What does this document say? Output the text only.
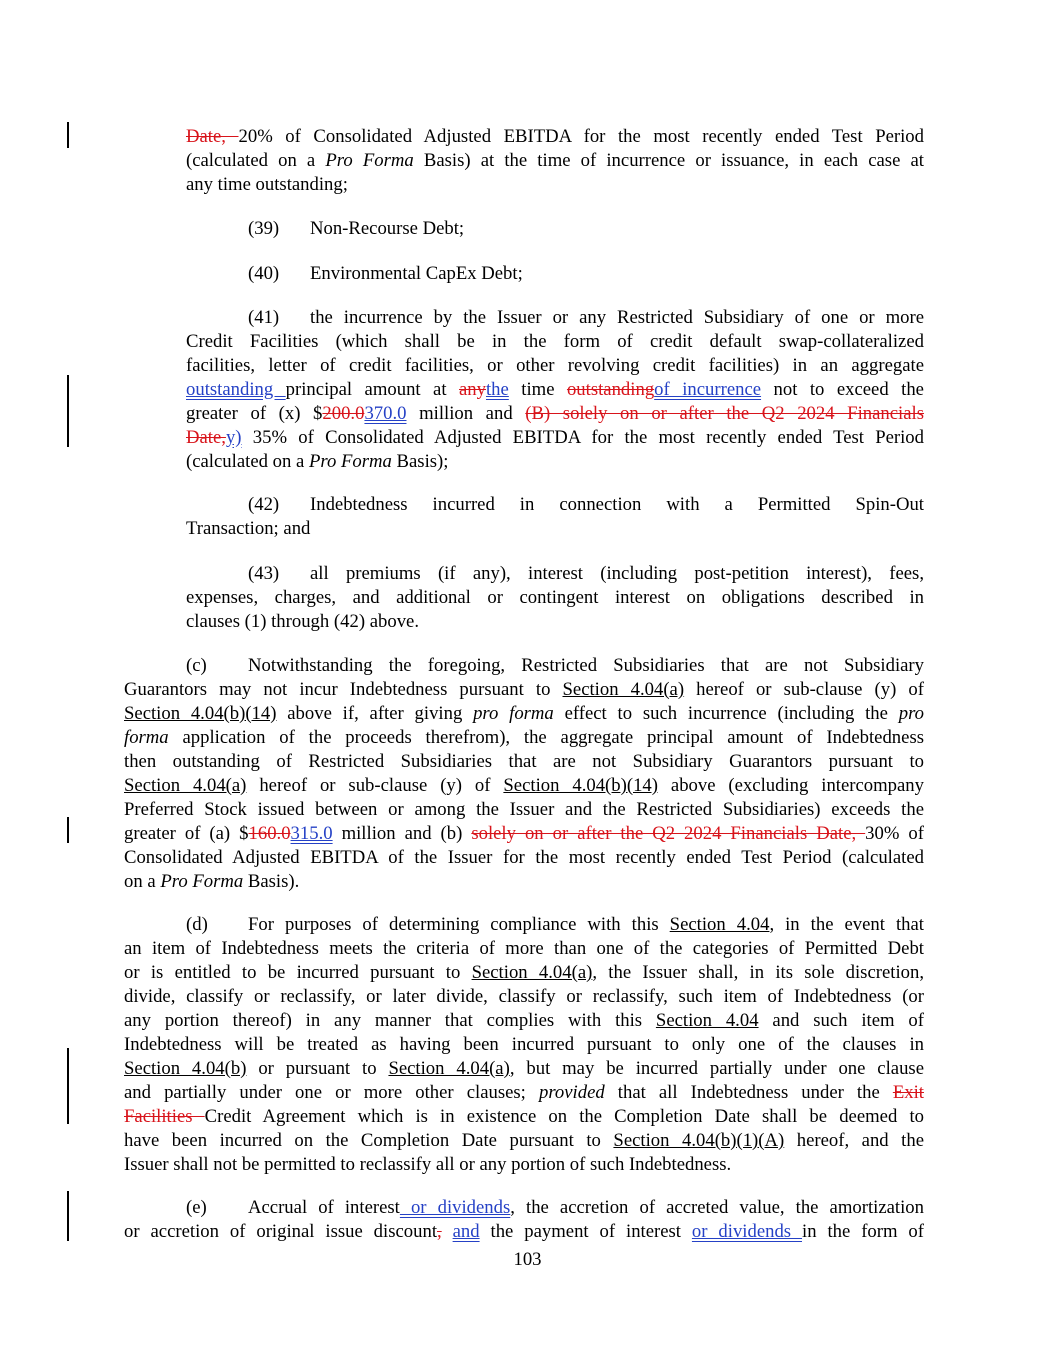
Date, 20% of Consolidated Adjusted EBITDA for the most recently ended Test Period
(calculated on a Pro Forma Basis) at the time of incurrence or issuance, in each case at
any time outstanding;
(39) Non-Recourse Debt;
(40) Environmental CapEx Debt;
(41) the incurrence by the Issuer or any Restricted Subsidiary of one or more
Credit Facilities (which shall be in the form of credit default swap-collateralized
facilities, letter of credit facilities, or other revolving credit facilities) in an aggregate
outstanding principal amount at anythe time outstandingof incurrence not to exceed the
greater of (x) $200.0370.0 million and (B) solely on or after the Q2 2024 Financials
Date,y) 35% of Consolidated Adjusted EBITDA for the most recently ended Test Period
(calculated on a Pro Forma Basis);
(42) Indebtedness incurred in connection with a Permitted Spin-Out
Transaction; and
(43) all premiums (if any), interest (including post-petition interest), fees,
expenses, charges, and additional or contingent interest on obligations described in
clauses (1) through (42) above.
(c) Notwithstanding the foregoing, Restricted Subsidiaries that are not Subsidiary
Guarantors may not incur Indebtedness pursuant to Section 4.04(a) hereof or sub-clause (y) of
Section 4.04(b)(14) above if, after giving pro forma effect to such incurrence (including the pro
forma application of the proceeds therefrom), the aggregate principal amount of Indebtedness
then outstanding of Restricted Subsidiaries that are not Subsidiary Guarantors pursuant to
Section 4.04(a) hereof or sub-clause (y) of Section 4.04(b)(14) above (excluding intercompany
Preferred Stock issued between or among the Issuer and the Restricted Subsidiaries) exceeds the
greater of (a) $160.0315.0 million and (b) solely on or after the Q2 2024 Financials Date, 30% of
Consolidated Adjusted EBITDA of the Issuer for the most recently ended Test Period (calculated
on a Pro Forma Basis).
(d) For purposes of determining compliance with this Section 4.04, in the event that
an item of Indebtedness meets the criteria of more than one of the categories of Permitted Debt
or is entitled to be incurred pursuant to Section 4.04(a), the Issuer shall, in its sole discretion,
divide, classify or reclassify, or later divide, classify or reclassify, such item of Indebtedness (or
any portion thereof) in any manner that complies with this Section 4.04 and such item of
Indebtedness will be treated as having been incurred pursuant to only one of the clauses in
Section 4.04(b) or pursuant to Section 4.04(a), but may be incurred partially under one clause
and partially under one or more other clauses; provided that all Indebtedness under the Exit
Facilities Credit Agreement which is in existence on the Completion Date shall be deemed to
have been incurred on the Completion Date pursuant to Section 4.04(b)(1)(A) hereof, and the
Issuer shall not be permitted to reclassify all or any portion of such Indebtedness.
(e) Accrual of interest or dividends, the accretion of accreted value, the amortization
or accretion of original issue discount, and the payment of interest or dividends in the form of
103
